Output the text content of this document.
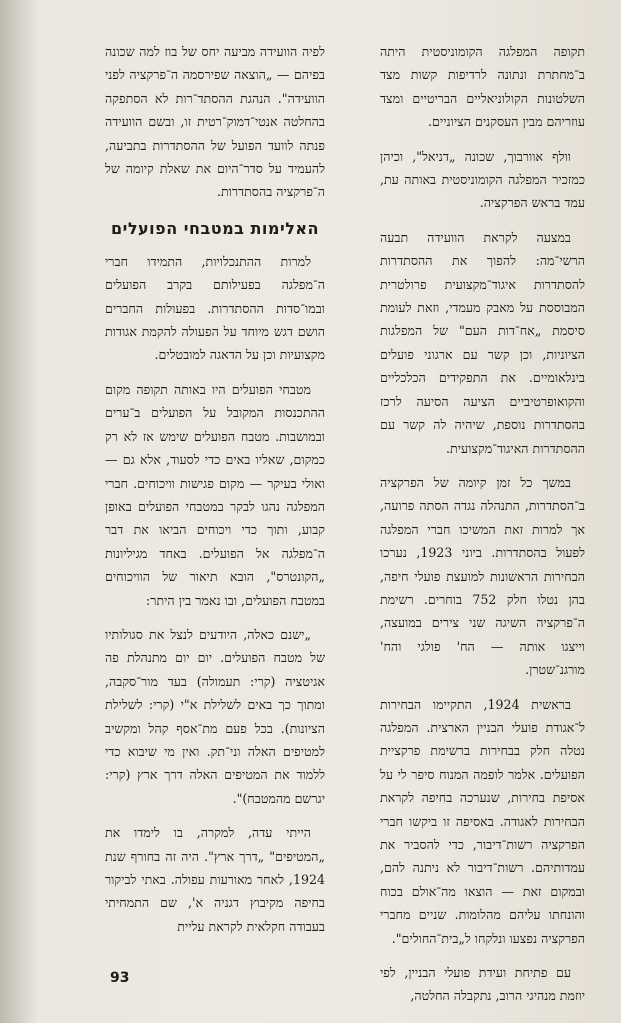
תקופה המפלגה הקומוניסטית היתה ב־מחתרת ונתונה לרדיפות קשות מצד השלטונות הקולוניאליים הבריטיים ומצד עוזריהם מבין העסקנים הציוניים.

וולף אוורבוך, שכונה „דניאל", וכיהן כמזכיר המפלגה הקומוניסטית באותה עת, עמד בראש הפרקציה.

במצעה לקראת הוועידה תבעה הרשי־מה: להפוך את ההסתדרות להסתדרות איגוד־מקצועית פרולטרית המבוססת על מאבק מעמדי, וזאת לעומת סיסמת „אח־דות העם" של המפלגות הציוניות, וכן קשר עם ארגוני פועלים בינלאומיים. את התפקידים הכלכליים והקואופרטיביים הציעה הסיעה לרכז בהסתדרות נוספת, שיהיה לה קשר עם ההסתדרות האיגוד־מקצועית.

במשך כל זמן קיומה של הפרקציה ב־הסתדרות, התנהלה נגדה הסתה פרועה, אך למרות זאת המשיכו חברי המפלגה לפעול בהסתדרות. ביוני 1923, נערכו הבחירות הראשונות למועצת פועלי חיפה, בהן נטלו חלק 752 בוחרים. רשימת ה־פרקציה השיגה שני צירים במועצה, וייצגו אותה — הח' פולגי והח' מורגנ־שטרן.

בראשית 1924, התקיימו הבחירות ל־אגודת פועלי הבניין הארצית. המפלגה נטלה חלק בבחירות ברשימת פרקציית הפועלים. אלמר לופמה המנוח סיפר לי על אסיפת בחירות, שנערכה בחיפה לקראת הבחירות לאגודה. באסיפה זו ביקשו חברי הפרקציה רשות־דיבור, כדי להסביר את עמדותיהם. רשות־דיבור לא ניתנה להם, ובמקום זאת — הוצאו מה־אולם בכוח והונחתו עליהם מהלומות. שניים מחברי הפרקציה נפצעו ונלקחו ל„בית־החולים".

עם פתיחת ועידת פועלי הבניין, לפי יוזמת מנהיגי הרוב, נתקבלה החלטה,

לפיה הוועידה מביעה יחס של בוז למה שכונה בפיהם — „הוצאה שפירסמה ה־פרקציה לפני הוועידה". הנהגת ההסתד־רות לא הסתפקה בהחלטה אנטי־דמוק־רטית זו, ובשם הוועידה פנתה לוועד הפועל של ההסתדרות בתביעה, להעמיד על סדר־היום את שאלת קיומה של ה־פרקציה בהסתדרות.

האלימות במטבחי הפועלים

למרות ההתנכלויות, התמידו חברי ה־מפלגה בפעילותם בקרב הפועלים ובמו־סדות ההסתדרות. בפעולות החברים הושם דגש מיוחד על הפעולה להקמת אגודות מקצועיות וכן על הדאגה למובטלים.

מטבחי הפועלים היו באותה תקופה מקום ההתכנסות המקובל על הפועלים ב־ערים ובמושבות. מטבח הפועלים שימש אז לא רק כמקום, שאליו באים כדי לסעוד, אלא גם — ואולי בעיקר — מקום פגישות וויכוחים. חברי המפלגה נהגו לבקר במטבחי הפועלים באופן קבוע, ותוך כדי ויכוחים הביאו את דבר ה־מפלגה אל הפועלים. באחד מגיליונות „הקונטרס", הובא תיאור של הוויכוחים במטבח הפועלים, ובו נאמר בין היתר:

„ישנם כאלה, היודעים לנצל את סגולותיו של מטבח הפועלים. יום יום מתנהלת פה אגיטציה (קרי: תעמולה) בעד מור־סקבה, ומתוך כך באים לשלילת א"י (קרי: לשלילת הציונות). בכל פעם מת־אסף קהל ומקשיב למטיפים האלה וני־תק. ואין מי שיבוא כדי ללמוד את המטיפים האלה דרך ארץ (קרי: יגרשם מהמטבח)".

הייתי עדה, למקרה, בו לימדו את „המטיפים" „דרך ארץ". היה זה בחורף שנת 1924, לאחר מאורעות עפולה. באתי לביקור בחיפה מקיבוץ דגניה א', שם התמחיתי בעבודה חקלאית לקראת עליית

93
